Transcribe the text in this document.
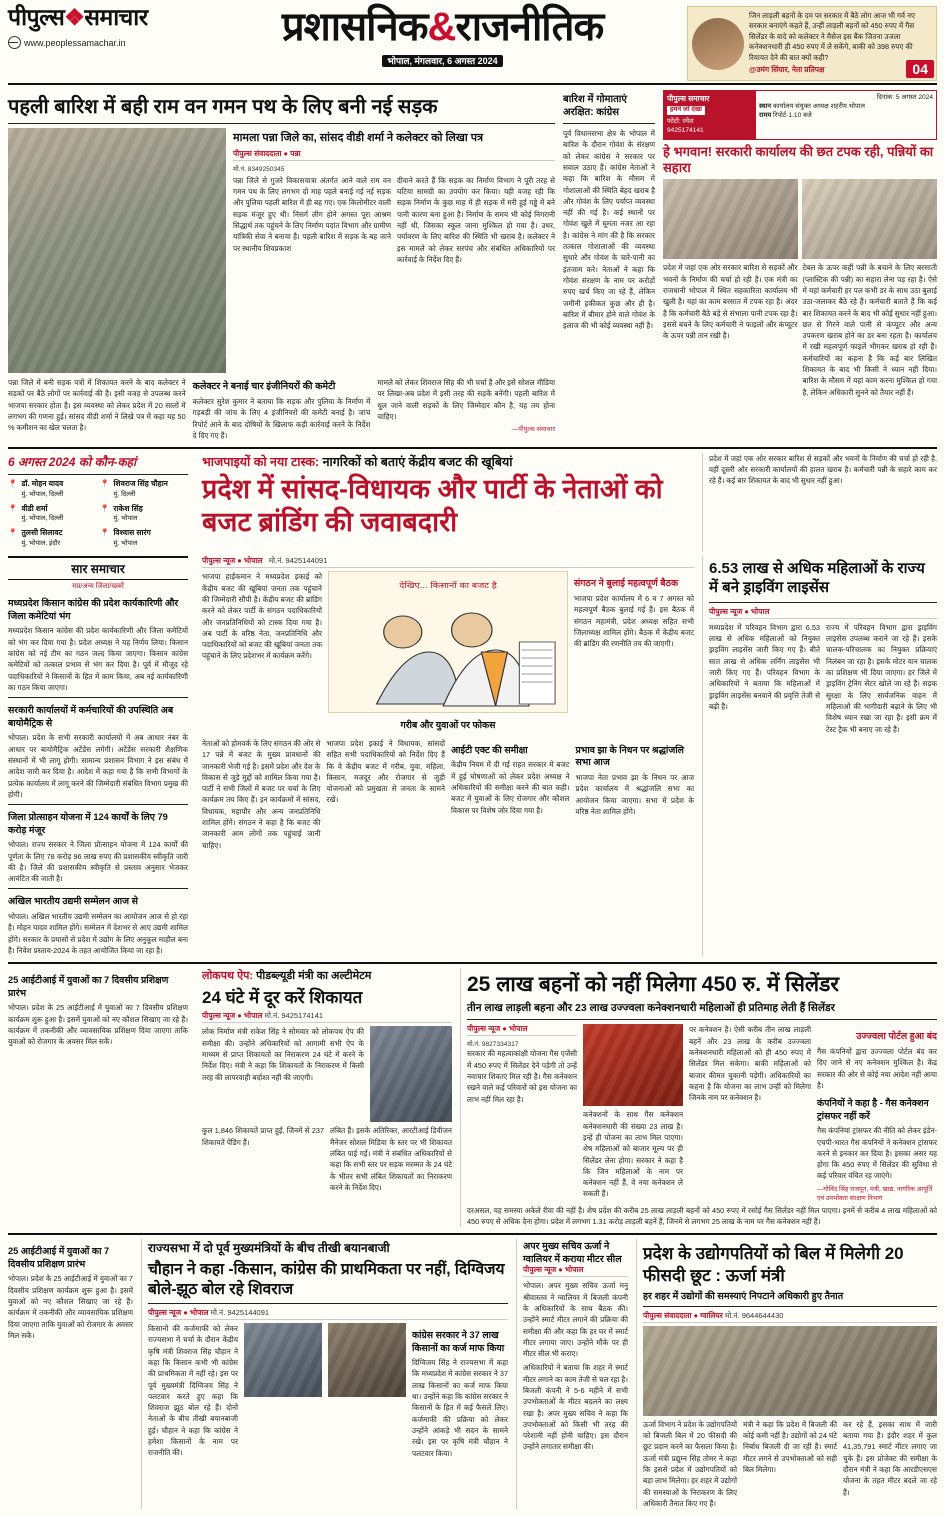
पीपुल्स❖समाचार
www.peoplessamachar.in	प्रशासनिक&राजनीतिक
भोपाल, मंगलवार, 6 अगस्त 2024
जिन लाड़ली बहनों के दम पर सरकार में बैठे लोग आज भी गर्व नए सरकार बनाएंगे कहते हैं, उन्हीं लाड़ली बहनों को 450 रुपए में गैस सिलेंडर के वादे को कलेक्टर ने मैसेज इस बैंक जितना उजला कनेक्शनधारी ही 450 रुपए में ले सकेंगे, बाकी को 398 रुपए की रियायत देने की बात क्यों कही?
@उमंग सिंघार, नेता प्रतिपक्ष	04
पहली बारिश में बही राम वन गमन पथ के लिए बनी नई सड़क
मामला पन्ना जिले का, सांसद वीडी शर्मा ने कलेक्टर को लिखा पत्र
पीपुल्स संवाददाता ● पन्ना
मो.नं. 8349250345
पन्ना जिले से गुजरे विकासयात्रा अंतर्गत आने वाले राम वन गमन पथ के लिए लगभग दो माह पहले बनाई गई नई सड़क और पुलिया पहली बारिश में ही बह गए। एक किलोमीटर वाली सड़क मंजूर हुए थी। निसर्ग लीग होने अगस्त पूरा आश्रम सिद्धार्थ तक पहुंचने के लिए निर्माण पदांत विभाग और ग्रामीण यांत्रिकी सेवा ने बनाया है। पहली बारिश में सड़क के बह जाने पर स्थानीय शिवप्रकाश
दीवाने करते हैं कि सड़क का निर्माण विभाग ने पूरी तरह से घटिया सामग्री का उपयोग कर किया। यही वजह रही कि सड़क निर्माण के कुछ माह में ही सड़क में मरी हुई गड्ढे में बने पानी कारण बना हुआ है। निर्माण के समय भी कोई निगरानी नहीं थी, जिसका स्कूल जाना मुश्किल हो गया है। उधर, पर्यावरण के लिए बारिश की स्थिति भी खराब है। कलेक्टर ने इस मामले को लेकर सरपंच और संबंधित अधिकारियों पर कार्रवाई के निर्देश दिए हैं।
पन्ना जिले में बनी सड़क पत्रों में शिकायत करने के बाद कलेक्टर ने सड़कों पर बैठे लोगों पर कार्रवाई की है। इसी वजह से उपलब्ध करने भाजपा सरकार होता है। इस व्यवस्था को लेकर प्रदेश में 20 सालों में लगभग की गणना हुई। सांसद वीडी शर्मा ने लिखे पत्र में कहा यह 50 % कमीशन का खेल चलता है।
कलेक्टर ने बनाई चार इंजीनियरों की कमेटी
कलेक्टर सुरेश कुमार ने बताया कि सड़क और पुलिया के निर्माण में गड़बड़ी की जांच के लिए 4 इंजीनियरों की कमेटी बनाई है। जांच रिपोर्ट आने के बाद दोषियों के खिलाफ कड़ी कार्रवाई करने के निर्देश दे दिए गए हैं।
मामले को लेकर शिवराज सिंह की भी चर्चा है और इसे सोशल मीडिया पर लिखा-अब प्रदेश में इसी तरह की सड़कें बनेंगी। पहली बारिश में धुल जाने वाली सड़कों के लिए जिम्मेदार कौन है, यह तय होना चाहिए।
—पीपुल्स समाचार
बारिश में गोमाताएं अरक्षित: कांग्रेस
पूर्व विधानसभा क्षेत्र के भोपाल में बारिश के दौरान गोवंश के संरक्षण को लेकर कांग्रेस ने सरकार पर सवाल उठाए हैं। कांग्रेस नेताओं ने कहा कि बारिश के मौसम में गोशालाओं की स्थिति बेहद खराब है और गोवंश के लिए पर्याप्त व्यवस्था नहीं की गई है। कई स्थानों पर गोवंश खुले में घूमता नजर आ रहा है। कांग्रेस ने मांग की है कि सरकार तत्काल गोशालाओं की व्यवस्था सुधारे और गोवंश के चारे-पानी का इंतजाम करे। नेताओं ने कहा कि गोवंश संरक्षण के नाम पर करोड़ों रुपए खर्च किए जा रहे हैं, लेकिन जमीनी हकीकत कुछ और ही है। बारिश में बीमार होने वाले गोवंश के इलाज की भी कोई व्यवस्था नहीं है।
पीपुल्स समाचार
हमने जो देखा
फोटो: रमेश
9425174141
दिनांक: 5 अगस्त 2024
स्थान कार्यालय संयुक्त अध्यक्ष शहरीय भोपाल
रामय रिपोर्ट-1.10 बजे
हे भगवान! सरकारी कार्यालय की छत टपक रही, पन्नियों का सहारा
प्रदेश में जहां एक ओर सरकार बारिश से सड़कों और भवनों के निर्माण की चर्चा हो रही है। एक मंत्री का राजधानी भोपाल में स्थित सहकारिता कार्यालय भी खुली है। यहां का काम बरसात में टपक रहा है। अंदर है कि कर्मचारी बैठे बड़े से संभाला पानी टपक रहा है। इससे बचने के लिए कर्मचारी ने फाइलों और कंप्यूटर के ऊपर पन्नी तान रखी है।
टेबल के ऊपर कहीं पन्नी के बचाने के लिए बरसाती (प्लास्टिक की पन्नी) का सहारा लेना पड़ रहा है। ऐसे में यहां कर्मचारी हर पल कभी डर के साथ उठा बुलाई उठा-जलाकर बैठे रहे हैं। कर्मचारी बताते हैं कि कई बार शिकायत करने के बाद भी कोई सुधार नहीं हुआ। छत से गिरने वाले पानी से कंप्यूटर और अन्य उपकरण खराब होने का डर बना रहता है। कार्यालय में रखी महत्वपूर्ण फाइलें भीगकर खराब हो रही हैं। कर्मचारियों का कहना है कि कई बार लिखित शिकायत के बाद भी किसी ने ध्यान नहीं दिया। बारिश के मौसम में यहां काम करना मुश्किल हो गया है, लेकिन अधिकारी सुनने को तैयार नहीं हैं।
6 अगस्त 2024 को कौन-कहां
📍 डॉ. मोहन यादव
मुं. भोपाल, दिल्ली
📍 वीडी शर्मा
मुं. भोपाल, दिल्ली
📍 तुलसी सिलावट
मुं. भोपाल, इंदौर
📍 शिवराज सिंह चौहान
मुं. दिल्ली
📍 राकेश सिंह
मुं. भोपाल
📍 विश्वास सारंग
मुं. भोपाल
भाजपाइयों को नया टास्क: नागरिकों को बताएं केंद्रीय बजट की खूबियां
प्रदेश में सांसद-विधायक और पार्टी के नेताओं को बजट ब्रांडिंग की जवाबदारी
प्रदेश में जहां एक ओर सरकार बारिश से सड़कों और भवनों के निर्माण की चर्चा हो रही है, वहीं दूसरी ओर सरकारी कार्यालयों की हालत खराब है। कर्मचारी पन्नी के सहारे काम कर रहे हैं। कई बार शिकायत के बाद भी सुधार नहीं हुआ।
सार समाचार
मप्र/अन्य जिला/खबरें
मध्यप्रदेश किसान कांग्रेस की प्रदेश कार्यकारिणी और जिला कमेटियां भंग
मध्यप्रदेश किसान कांग्रेस की प्रदेश कार्यकारिणी और जिला कमेटियों को भंग कर दिया गया है। प्रदेश अध्यक्ष ने यह निर्णय लिया। किसान कांग्रेस को नई टीम का गठन जल्द किया जाएगा। किसान कांग्रेस कमेटियों को तत्काल प्रभाव से भंग कर दिया है। पूर्व में मौजूद रहे पदाधिकारियों ने किसानों के हित में काम किया, अब नई कार्यकारिणी का गठन किया जाएगा।
सरकारी कार्यालयों में कर्मचारियों की उपस्थिति अब बायोमैट्रिक से
भोपाल। प्रदेश के सभी सरकारी कार्यालयों में अब आधार नंबर के आधार पर बायोमैट्रिक अटेंडेंस लगेगी। अटेंडेंस सरकारी शैक्षणिक संस्थानों में भी लागू होगी। सामान्य प्रशासन विभाग ने इस संबंध में आदेश जारी कर दिया है। आदेश में कहा गया है कि सभी विभागों के प्रत्येक कार्यालय में लागू करने की जिम्मेदारी संबंधित विभाग प्रमुख की होगी।
जिला प्रोत्साहन योजना में 124 कार्यों के लिए 79 करोड़ मंजूर
भोपाल। राज्य सरकार ने जिला प्रोत्साहन योजना में 124 कार्यों की पूर्णता के लिए 78 करोड़ 96 लाख रुपए की प्रशासकीय स्वीकृति जारी की है। जिले की प्रशासकीय स्वीकृति से प्रस्ताव अनुसार भेजकर आवंटित की जाती है।
अखिल भारतीय उद्यमी सम्मेलन आज से
भोपाल। अखिल भारतीय उद्यमी सम्मेलन का आयोजन आज से हो रहा है। मोहन यादव शामिल होंगे। सम्मेलन में देशभर से आए उद्यमी शामिल होंगे। सरकार के प्रयासों से प्रदेश में उद्योग के लिए अनुकूल माहौल बना है। निवेश प्रस्ताव-2024 के तहत आयोजित किया जा रहा है।
पीपुल्स न्यूज ● भोपाल मो.नं. 9425144091
भाजपा हाईकमान ने मध्यप्रदेश इकाई को केंद्रीय बजट की खूबियां जनता तक पहुंचाने की जिम्मेदारी सौंपी है। केंद्रीय बजट की ब्रांडिंग करने को लेकर पार्टी के संगठन पदाधिकारियों और जनप्रतिनिधियों को टास्क दिया गया है। अब पार्टी के वरिष्ठ नेता, जनप्रतिनिधि और पदाधिकारियों को बजट की खूबियां जनता तक पहुंचाने के लिए प्रदेशभर में कार्यक्रम करेंगे।
देखिए... किसानों का बजट है
गरीब और युवाओं पर फोकस
संगठन ने बुलाई महत्वपूर्ण बैठक
भाजपा प्रदेश कार्यालय में 6 व 7 अगस्त को महत्वपूर्ण बैठक बुलाई गई है। इस बैठक में संगठन महामंत्री, प्रदेश अध्यक्ष सहित सभी जिलाध्यक्ष शामिल होंगे। बैठक में केंद्रीय बजट की ब्रांडिंग की रणनीति तय की जाएगी।
नेताओं को होमवर्क के लिए संगठन की ओर से 17 पन्ने में बजट के मुख्य प्रावधानों की जानकारी भेजी गई है। इसमें प्रदेश और देश के विकास से जुड़े मुद्दों को शामिल किया गया है। पार्टी ने सभी जिलों में बजट पर चर्चा के लिए कार्यक्रम तय किए हैं। इन कार्यक्रमों में सांसद, विधायक, महापौर और अन्य जनप्रतिनिधि शामिल होंगे। संगठन ने कहा है कि बजट की जानकारी आम लोगों तक पहुंचाई जानी चाहिए।
भाजपा प्रदेश इकाई ने विधायक, सांसदों सहित सभी पदाधिकारियों को निर्देश दिए हैं कि वे केंद्रीय बजट में गरीब, युवा, महिला, किसान, मजदूर और रोजगार से जुड़ी योजनाओं को प्रमुखता से जनता के सामने रखें।
आईटी एक्ट की समीक्षा
केंद्रीय नियम में दी गई राहत सरकार में बजट में हुई घोषणाओं को लेकर प्रदेश अध्यक्ष ने अधिकारियों की समीक्षा करने की बात कही। बजट में युवाओं के लिए रोजगार और कौशल विकास पर विशेष जोर दिया गया है।
प्रभाव झा के निधन पर श्रद्धांजलि सभा आज
भाजपा नेता प्रभाव झा के निधन पर आज प्रदेश कार्यालय में श्रद्धांजलि सभा का आयोजन किया जाएगा। सभा में प्रदेश के वरिष्ठ नेता शामिल होंगे।
6.53 लाख से अधिक महिलाओं के राज्य में बने ड्राइविंग लाइसेंस
पीपुल्स न्यूज ● भोपाल
मध्यप्रदेश में परिवहन विभाग द्वारा 6.53 लाख से अधिक महिलाओं को नियुक्त ड्राइविंग लाइसेंस जारी किए गए हैं। बीते सात लाख से अधिक लर्निंग लाइसेंस भी जारी किए गए हैं। परिवहन विभाग के अधिकारियों ने बताया कि महिलाओं में ड्राइविंग लाइसेंस बनवाने की प्रवृत्ति तेजी से बढ़ी है।
राज्य में परिवहन विभाग द्वारा ड्राइविंग लाइसेंस उपलब्ध कराने जा रहे हैं। इसके चालक-परिचालक का नियुक्त प्रक्रियाएं निलंबन जा रहा है। इसके मोटर यान चालक का प्रशिक्षण भी दिया जाएगा। हर जिले में ड्राइविंग ट्रेनिंग सेंटर खोले जा रहे हैं। सड़क सुरक्षा के लिए सार्वजनिक वाहन में महिलाओं की भागीदारी बढ़ाने के लिए भी विशेष ध्यान रखा जा रहा है। इसी क्रम में टेस्ट ट्रैक भी बनाए जा रहे हैं।
25 आईटीआई में युवाओं का 7 दिवसीय प्रशिक्षण प्रारंभ
भोपाल। प्रदेश के 25 आईटीआई में युवाओं का 7 दिवसीय प्रशिक्षण कार्यक्रम शुरू हुआ है। इसमें युवाओं को नए कौशल सिखाए जा रहे हैं। कार्यक्रम में तकनीकी और व्यावसायिक प्रशिक्षण दिया जाएगा ताकि युवाओं को रोजगार के अवसर मिल सकें।
लोकपथ ऐप: पीडब्ल्यूडी मंत्री का अल्टीमेटम
24 घंटे में दूर करें शिकायत
पीपुल्स न्यूज ● भोपाल मो.नं. 9425174141
लोक निर्माण मंत्री राकेश सिंह ने सोमवार को लोकपथ ऐप की समीक्षा की। उन्होंने अधिकारियों को आगामी सभी ऐप के माध्यम से प्राप्त शिकायतों का निराकरण 24 घंटे में करने के निर्देश दिए। मंत्री ने कहा कि शिकायतों के निराकरण में किसी तरह की लापरवाही बर्दाश्त नहीं की जाएगी।
कुल 1,846 शिकायतें प्राप्त हुईं, जिनमें से 237 शिकायतें पेंडिंग हैं।
लंबित हैं। इसके अतिरिक्त, आरटीआई डिवीजन मैनेजर सोशल मिडिया के स्तर पर भी शिकायत लंबित पाई गईं। मंत्री ने संबंधित अधिकारियों से कहा कि सभी स्तर पर सड़क मरम्मत के 24 घंटे के भीतर सभी लंबित शिकायतों का निराकरण करने के निर्देश दिए।
25 लाख बहनों को नहीं मिलेगा 450 रु. में सिलेंडर
तीन लाख लाड़ली बहना और 23 लाख उज्ज्वला कनेक्शनधारी महिलाओं ही प्रतिमाह लेती हैं सिलेंडर
पीपुल्स न्यूज ● भोपाल
मो.नं. 9827334317
सरकार की महत्वाकांक्षी योजना गैस एजेंसी में 450 रुपए में सिलेंडर देने पड़ेगी तो उन्हें नवाचार शिकाएं मिल रही है। गैस कनेक्शन रखने वाले कई परिवारों को इस योजना का लाभ नहीं मिल रहा है।
कनेक्शनों के साथ गैस कनेक्शन कनेक्शनधारी की संख्या 23 लाख है। इन्हें ही योजना का लाभ मिल पाएगा। शेष महिलाओं को बाजार मूल्य पर ही सिलेंडर लेना होगा। सरकार ने कहा है कि जिन महिलाओं के नाम पर कनेक्शन नहीं हैं, वे नया कनेक्शन ले सकती हैं।
पर कनेक्शन है। ऐसी करीब तीन लाख लाड़ली बहनें और 23 लाख के करीब उज्ज्वला कनेक्शनधारी महिलाओं को ही 450 रुपए में सिलेंडर मिल सकेगा। बाकी महिलाओं को बाजार कीमत चुकानी पड़ेगी। अधिकारियों का कहना है कि योजना का लाभ उन्हीं को मिलेगा जिनके नाम पर कनेक्शन है।
उज्ज्वला पोर्टल हुआ बंद
गैस कंपनियों द्वारा उज्ज्वला पोर्टल बंद कर दिए जाने से नए कनेक्शन मुश्किल है। केंद्र सरकार की ओर से कोई नया आदेश नहीं आया है।
कंपनियों ने कहा है - गैस कनेक्शन ट्रांसफर नहीं करें
गैस कंपनियां ट्रांसफर की नीति को लेकर इंडेन-एचपी-भारत गैस कंपनियों ने कनेक्शन ट्रांसफर करने से इनकार कर दिया है। इसका असर यह होगा कि 450 रुपए में सिलेंडर की सुविधा से कई परिवार वंचित रह जाएंगे।
—गोविंद सिंह राजपूत, मंत्री, खाद्य, नागरिक आपूर्ति एवं उपभोक्ता संरक्षण विभाग
दरअसल, यह समस्या अकेले रीवा की नहीं है। शेष प्रदेश की करीब 25 लाख लाड़ली बहनों को 450 रुपए में रसोई गैस सिलेंडर नहीं मिल पाएगा। इनमें से करीब 4 लाख महिलाओं को 450 रुपए से अधिक देना होगा। प्रदेश में लगभग 1.31 करोड़ लाड़ली बहनें हैं, जिनमें से लगभग 25 लाख के नाम पर गैस कनेक्शन नहीं हैं।
25 आईटीआई में युवाओं का 7 दिवसीय प्रशिक्षण प्रारंभ
भोपाल। प्रदेश के 25 आईटीआई में युवाओं का 7 दिवसीय प्रशिक्षण कार्यक्रम शुरू हुआ है। इसमें युवाओं को नए कौशल सिखाए जा रहे हैं। कार्यक्रम में तकनीकी और व्यावसायिक प्रशिक्षण दिया जाएगा ताकि युवाओं को रोजगार के अवसर मिल सकें।
राज्यसभा में दो पूर्व मुख्यमंत्रियों के बीच तीखी बयानबाजी
चौहान ने कहा -किसान, कांग्रेस की प्राथमिकता पर नहीं, दिग्विजय बोले-झूठ बोल रहे शिवराज
पीपुल्स न्यूज ● भोपाल मो.नं. 9425144091
किसानों की कर्जमाफी को लेकर राज्यसभा में चर्चा के दौरान केंद्रीय कृषि मंत्री शिवराज सिंह चौहान ने कहा कि किसान कभी भी कांग्रेस की प्राथमिकता में नहीं रहे। इस पर पूर्व मुख्यमंत्री दिग्विजय सिंह ने पलटवार करते हुए कहा कि शिवराज झूठ बोल रहे हैं। दोनों नेताओं के बीच तीखी बयानबाजी हुई। चौहान ने कहा कि कांग्रेस ने हमेशा किसानों के नाम पर राजनीति की।
कांग्रेस सरकार ने 37 लाख किसानों का कर्ज माफ किया
दिग्विजय सिंह ने राज्यसभा में कहा कि मध्यप्रदेश में कांग्रेस सरकार ने 37 लाख किसानों का कर्ज माफ किया था। उन्होंने कहा कि कांग्रेस सरकार ने किसानों के हित में कई फैसले लिए। कर्जमाफी की प्रक्रिया को लेकर उन्होंने आंकड़े भी सदन के सामने रखे। इस पर कृषि मंत्री चौहान ने पलटवार किया।
अपर मुख्य सचिव ऊर्जा ने ग्वालियर में कराया मीटर सील
पीपुल्स न्यूज ● भोपाल
भोपाल। अपर मुख्य सचिव ऊर्जा मनु श्रीवास्तव ने ग्वालियर में बिजली कंपनी के अधिकारियों के साथ बैठक की। उन्होंने स्मार्ट मीटर लगाने की प्रक्रिया की समीक्षा की और कहा कि हर घर में स्मार्ट मीटर लगाया जाए। उन्होंने मौके पर ही मीटर सील भी कराए।
अधिकारियों ने बताया कि शहर में स्मार्ट मीटर लगाने का काम तेजी से चल रहा है। बिजली कंपनी ने 5-6 महीने में सभी उपभोक्ताओं के मीटर बदलने का लक्ष्य रखा है। अपर मुख्य सचिव ने कहा कि उपभोक्ताओं को किसी भी तरह की परेशानी नहीं होनी चाहिए। इस दौरान उन्होंने लगातार समीक्षा की।
प्रदेश के उद्योगपतियों को बिल में मिलेगी 20 फीसदी छूट : ऊर्जा मंत्री
हर शहर में उद्योगों की समस्याएं निपटाने अधिकारी हुए तैनात
पीपुल्स संवाददाता ● ग्वालियर मो.नं. 9644644430
ऊर्जा विभाग ने प्रदेश के उद्योगपतियों को बिजली बिल में 20 फीसदी की छूट प्रदान करने का फैसला किया है। ऊर्जा मंत्री प्रद्युम्न सिंह तोमर ने कहा कि इससे प्रदेश में उद्योगपतियों को बड़ा लाभ मिलेगा। हर शहर में उद्योगों की समस्याओं के निराकरण के लिए अधिकारी तैनात किए गए हैं।
मंत्री ने कहा कि प्रदेश में बिजली की कोई कमी नहीं है। उद्योगों को 24 घंटे निर्बाध बिजली दी जा रही है। स्मार्ट मीटर लगने से उपभोक्ताओं को सही बिल मिलेगा।
कर रहे हैं, इसका साथ में जारी बताया गया है। इंदौर शहर में कुल 41,35,791 स्मार्ट मीटर लगाए जा चुके हैं। इस प्रोजेक्ट की समीक्षा के दौरान मंत्री ने कहा कि आरडीएसएस योजना के तहत मीटर बदले जा रहे हैं।
